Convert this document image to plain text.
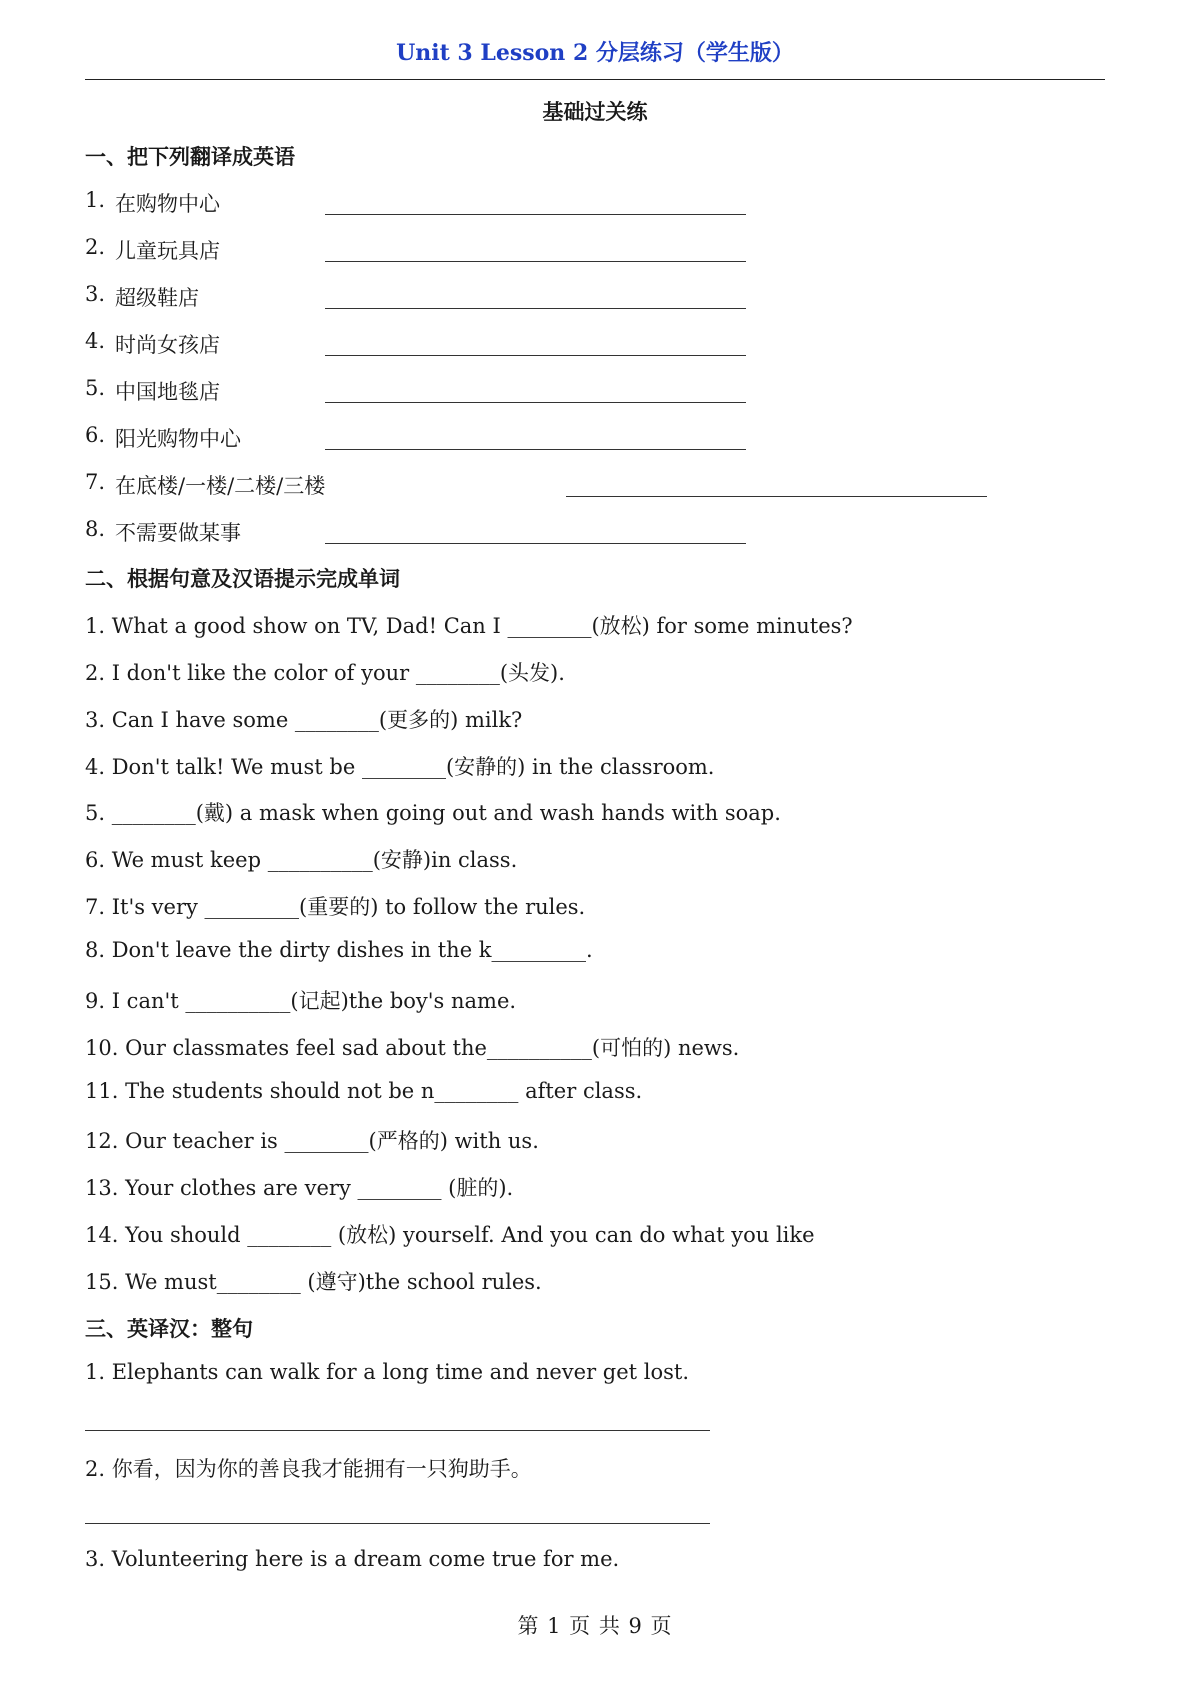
Unit 3 Lesson 2 分层练习（学生版）
基础过关练
一、把下列翻译成英语
1. 在购物中心
2. 儿童玩具店
3. 超级鞋店
4. 时尚女孩店
5. 中国地毯店
6. 阳光购物中心
7. 在底楼/一楼/二楼/三楼
8. 不需要做某事
二、根据句意及汉语提示完成单词
1. What a good show on TV, Dad! Can I ________(放松) for some minutes?
2. I don't like the color of your ________(头发).
3. Can I have some ________(更多的) milk?
4. Don't talk! We must be ________(安静的) in the classroom.
5. ________(戴) a mask when going out and wash hands with soap.
6. We must keep __________(安静)in class.
7. It's very _________(重要的) to follow the rules.
8. Don't leave the dirty dishes in the k_________.
9. I can't __________(记起)the boy's name.
10. Our classmates feel sad about the__________(可怕的) news.
11. The students should not be n________ after class.
12. Our teacher is ________(严格的) with us.
13. Your clothes are very ________ (脏的).
14. You should ________ (放松) yourself. And you can do what you like
15. We must________ (遵守)the school rules.
三、英译汉：整句
1. Elephants can walk for a long time and never get lost.
2. 你看，因为你的善良我才能拥有一只狗助手。
3. Volunteering here is a dream come true for me.
第 1 页 共 9 页
